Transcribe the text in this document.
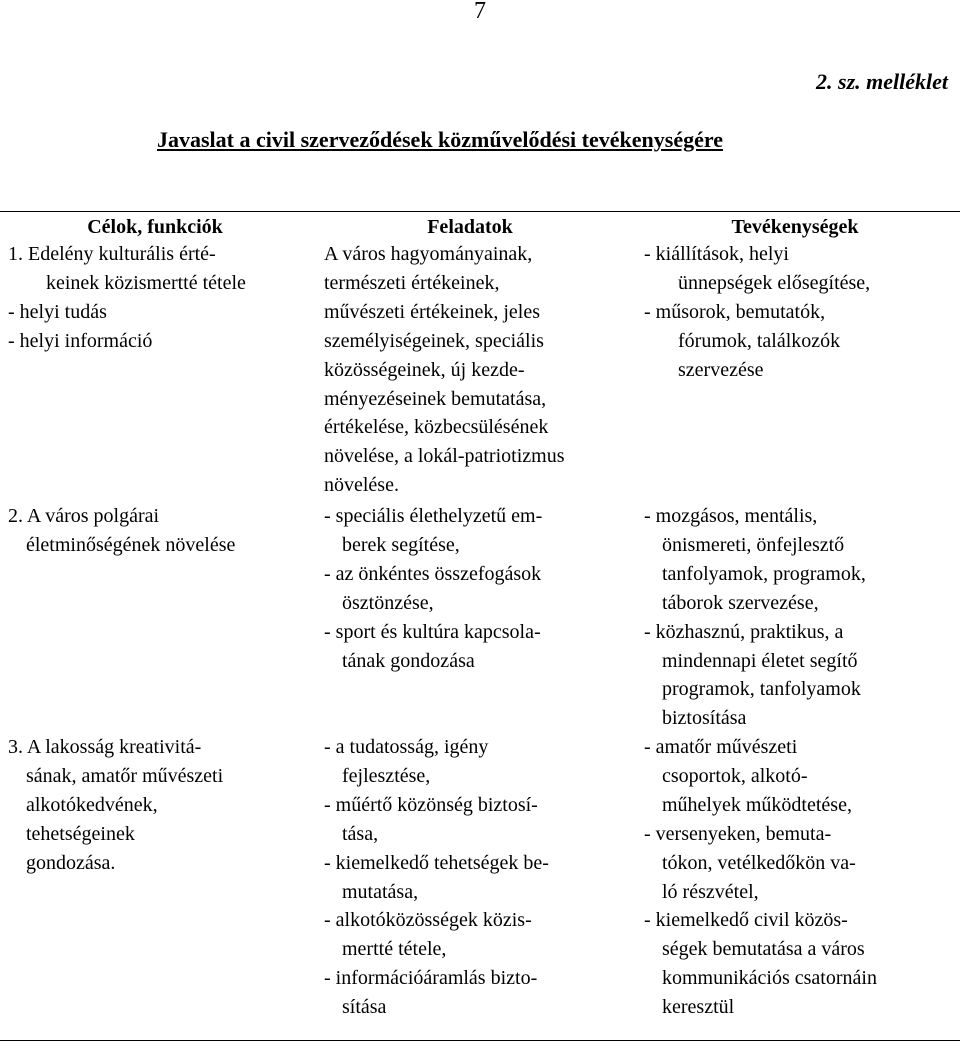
7
2. sz. melléklet
Javaslat a civil szerveződések közművelődési tevékenységére
Célok, funkciók	Feladatok	Tevékenységek
1. Edelény kulturális érté-
keinek közismertté tétele
- helyi tudás
- helyi információ
A város hagyományainak,
természeti értékeinek,
művészeti értékeinek, jeles
személyiségeinek, speciális
közösségeinek, új kezde-
ményezéseinek bemutatása,
értékelése, közbecsülésének
növelése, a lokál-patriotizmus
növelése.
- kiállítások, helyi
ünnepségek elősegítése,
- műsorok, bemutatók,
fórumok, találkozók
szervezése
2. A város polgárai
életminőségének növelése
- speciális élethelyzetű em-
berek segítése,
- az önkéntes összefogások
ösztönzése,
- sport és kultúra kapcsola-
tának gondozása
- mozgásos, mentális,
önismereti, önfejlesztő
tanfolyamok, programok,
táborok szervezése,
- közhasznú, praktikus, a
mindennapi életet segítő
programok, tanfolyamok
biztosítása
3. A lakosság kreativitá-
sának, amatőr művészeti
alkotókedvének,
tehetségeinek
gondozása.
- a tudatosság, igény
fejlesztése,
- műértő közönség biztosí-
tása,
- kiemelkedő tehetségek be-
mutatása,
- alkotóközösségek közis-
mertté tétele,
- információáramlás bizto-
sítása
- amatőr művészeti
csoportok, alkotó-
műhelyek működtetése,
- versenyeken, bemuta-
tókon, vetélkedőkön va-
ló részvétel,
- kiemelkedő civil közös-
ségek bemutatása a város
kommunikációs csatornáin
keresztül
